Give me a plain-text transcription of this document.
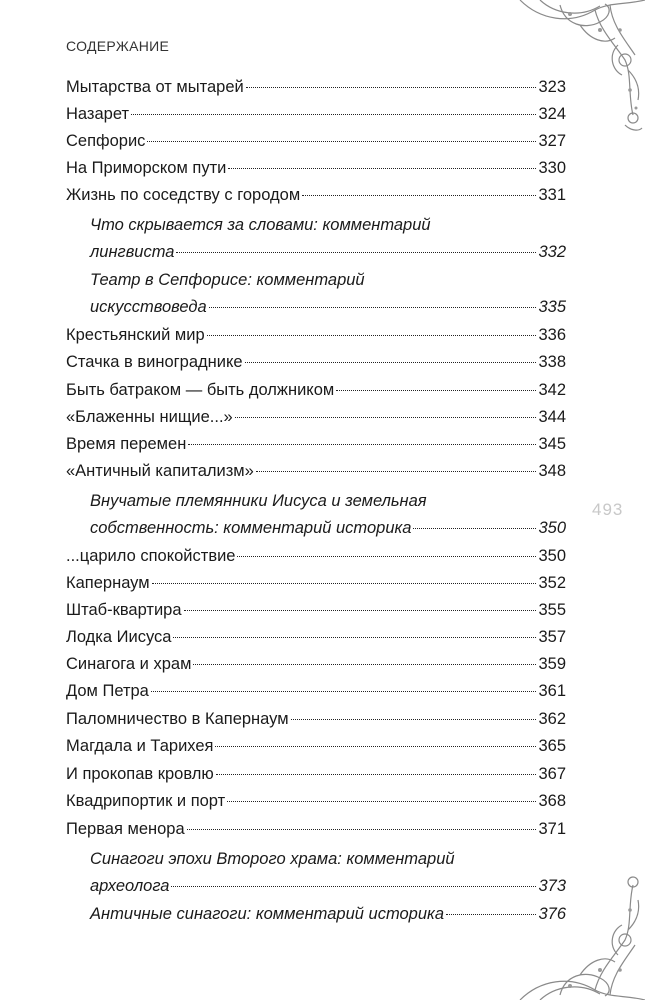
СОДЕРЖАНИЕ
493
Мытарства от мытарей	323
Назарет	324
Сепфорис	327
На Приморском пути	330
Жизнь по соседству с городом	331
Что скрывается за словами: комментарий
лингвиста	332
Театр в Сепфорисе: комментарий
искусствоведа	335
Крестьянский мир	336
Стачка в винограднике	338
Быть батраком — быть должником	342
«Блаженны нищие...»	344
Время перемен	345
«Античный капитализм»	348
Внучатые племянники Иисуса и земельная
собственность: комментарий историка	350
...царило спокойствие	350
Капернаум	352
Штаб-квартира	355
Лодка Иисуса	357
Синагога и храм	359
Дом Петра	361
Паломничество в Капернаум	362
Магдала и Тарихея	365
И прокопав кровлю	367
Квадрипортик и порт	368
Первая менора	371
Синагоги эпохи Второго храма: комментарий
археолога	373
Античные синагоги: комментарий историка	376
